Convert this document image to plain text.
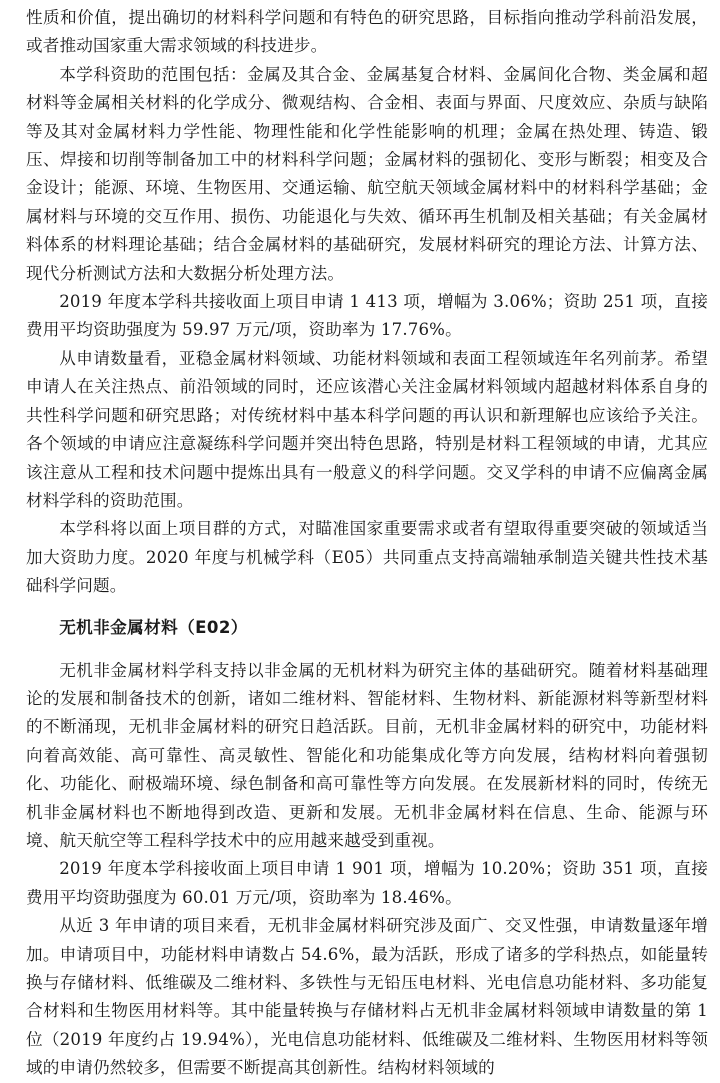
性质和价值，提出确切的材料科学问题和有特色的研究思路，目标指向推动学科前沿发展，或者推动国家重大需求领域的科技进步。

本学科资助的范围包括：金属及其合金、金属基复合材料、金属间化合物、类金属和超材料等金属相关材料的化学成分、微观结构、合金相、表面与界面、尺度效应、杂质与缺陷等及其对金属材料力学性能、物理性能和化学性能影响的机理；金属在热处理、铸造、锻压、焊接和切削等制备加工中的材料科学问题；金属材料的强韧化、变形与断裂；相变及合金设计；能源、环境、生物医用、交通运输、航空航天领域金属材料中的材料科学基础；金属材料与环境的交互作用、损伤、功能退化与失效、循环再生机制及相关基础；有关金属材料体系的材料理论基础；结合金属材料的基础研究，发展材料研究的理论方法、计算方法、现代分析测试方法和大数据分析处理方法。

2019 年度本学科共接收面上项目申请 1 413 项，增幅为 3.06%；资助 251 项，直接费用平均资助强度为 59.97 万元/项，资助率为 17.76%。

从申请数量看，亚稳金属材料领域、功能材料领域和表面工程领域连年名列前茅。希望申请人在关注热点、前沿领域的同时，还应该潜心关注金属材料领域内超越材料体系自身的共性科学问题和研究思路；对传统材料中基本科学问题的再认识和新理解也应该给予关注。各个领域的申请应注意凝练科学问题并突出特色思路，特别是材料工程领域的申请，尤其应该注意从工程和技术问题中提炼出具有一般意义的科学问题。交叉学科的申请不应偏离金属材料学科的资助范围。

本学科将以面上项目群的方式，对瞄准国家重要需求或者有望取得重要突破的领域适当加大资助力度。2020 年度与机械学科（E05）共同重点支持高端轴承制造关键共性技术基础科学问题。

无机非金属材料（E02）

无机非金属材料学科支持以非金属的无机材料为研究主体的基础研究。随着材料基础理论的发展和制备技术的创新，诸如二维材料、智能材料、生物材料、新能源材料等新型材料的不断涌现，无机非金属材料的研究日趋活跃。目前，无机非金属材料的研究中，功能材料向着高效能、高可靠性、高灵敏性、智能化和功能集成化等方向发展，结构材料向着强韧化、功能化、耐极端环境、绿色制备和高可靠性等方向发展。在发展新材料的同时，传统无机非金属材料也不断地得到改造、更新和发展。无机非金属材料在信息、生命、能源与环境、航天航空等工程科学技术中的应用越来越受到重视。

2019 年度本学科接收面上项目申请 1 901 项，增幅为 10.20%；资助 351 项，直接费用平均资助强度为 60.01 万元/项，资助率为 18.46%。

从近 3 年申请的项目来看，无机非金属材料研究涉及面广、交叉性强，申请数量逐年增加。申请项目中，功能材料申请数占 54.6%，最为活跃，形成了诸多的学科热点，如能量转换与存储材料、低维碳及二维材料、多铁性与无铅压电材料、光电信息功能材料、多功能复合材料和生物医用材料等。其中能量转换与存储材料占无机非金属材料领域申请数量的第 1 位（2019 年度约占 19.94%），光电信息功能材料、低维碳及二维材料、生物医用材料等领域的申请仍然较多，但需要不断提高其创新性。结构材料领域的
